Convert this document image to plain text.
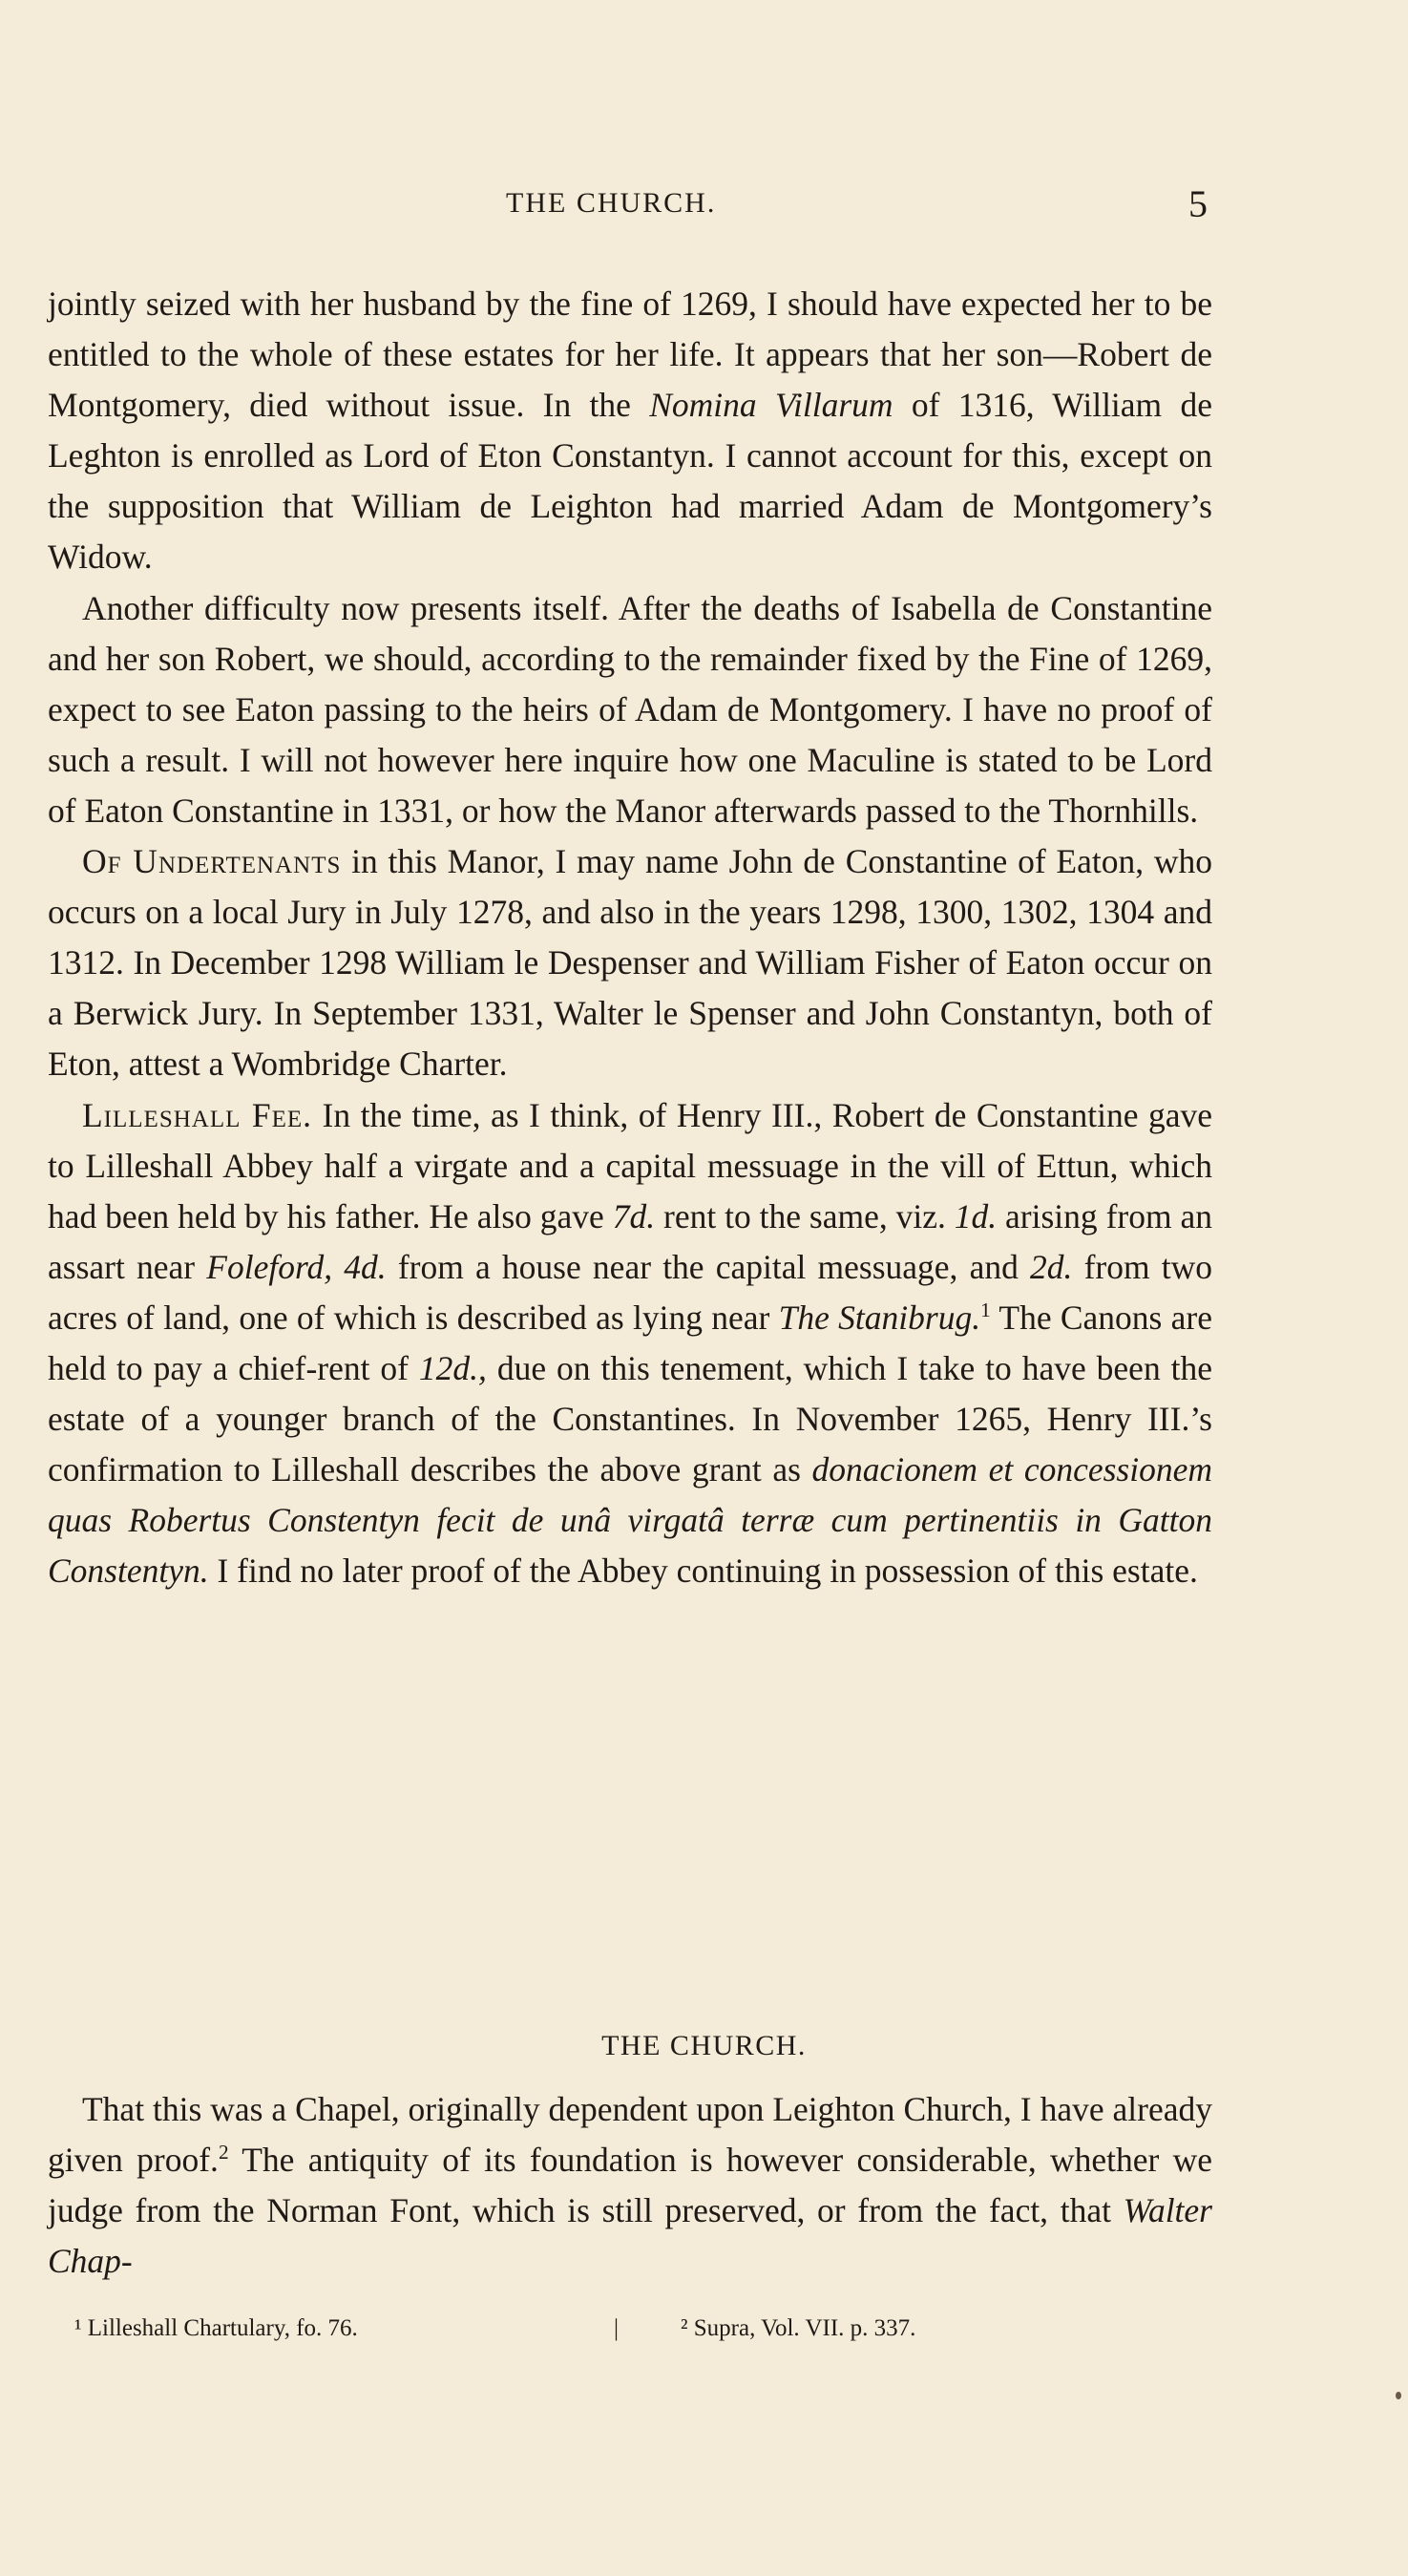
THE CHURCH.	5

jointly seized with her husband by the fine of 1269, I should have expected her to be entitled to the whole of these estates for her life. It appears that her son—Robert de Montgomery, died without issue. In the Nomina Villarum of 1316, William de Leghton is enrolled as Lord of Eton Constantyn. I cannot account for this, except on the supposition that William de Leighton had married Adam de Montgomery’s Widow.

Another difficulty now presents itself. After the deaths of Isabella de Constantine and her son Robert, we should, according to the remainder fixed by the Fine of 1269, expect to see Eaton passing to the heirs of Adam de Montgomery. I have no proof of such a result. I will not however here inquire how one Maculine is stated to be Lord of Eaton Constantine in 1331, or how the Manor afterwards passed to the Thornhills.

Of Undertenants in this Manor, I may name John de Constantine of Eaton, who occurs on a local Jury in July 1278, and also in the years 1298, 1300, 1302, 1304 and 1312. In December 1298 William le Despenser and William Fisher of Eaton occur on a Berwick Jury. In September 1331, Walter le Spenser and John Constantyn, both of Eton, attest a Wombridge Charter.

Lilleshall Fee. In the time, as I think, of Henry III., Robert de Constantine gave to Lilleshall Abbey half a virgate and a capital messuage in the vill of Ettun, which had been held by his father. He also gave 7d. rent to the same, viz. 1d. arising from an assart near Foleford, 4d. from a house near the capital messuage, and 2d. from two acres of land, one of which is described as lying near The Stanibrug.$^1$ The Canons are held to pay a chief-rent of 12d., due on this tenement, which I take to have been the estate of a younger branch of the Constantines. In November 1265, Henry III.’s confirmation to Lilleshall describes the above grant as donacionem et concessionem quas Robertus Constentyn fecit de unâ virgatâ terræ cum pertinentiis in Gatton Constentyn. I find no later proof of the Abbey continuing in possession of this estate.

THE CHURCH.

That this was a Chapel, originally dependent upon Leighton Church, I have already given proof.$^2$ The antiquity of its foundation is however considerable, whether we judge from the Norman Font, which is still preserved, or from the fact, that Walter Chap-

¹ Lilleshall Chartulary, fo. 76.	|	² Supra, Vol. VII. p. 337.
